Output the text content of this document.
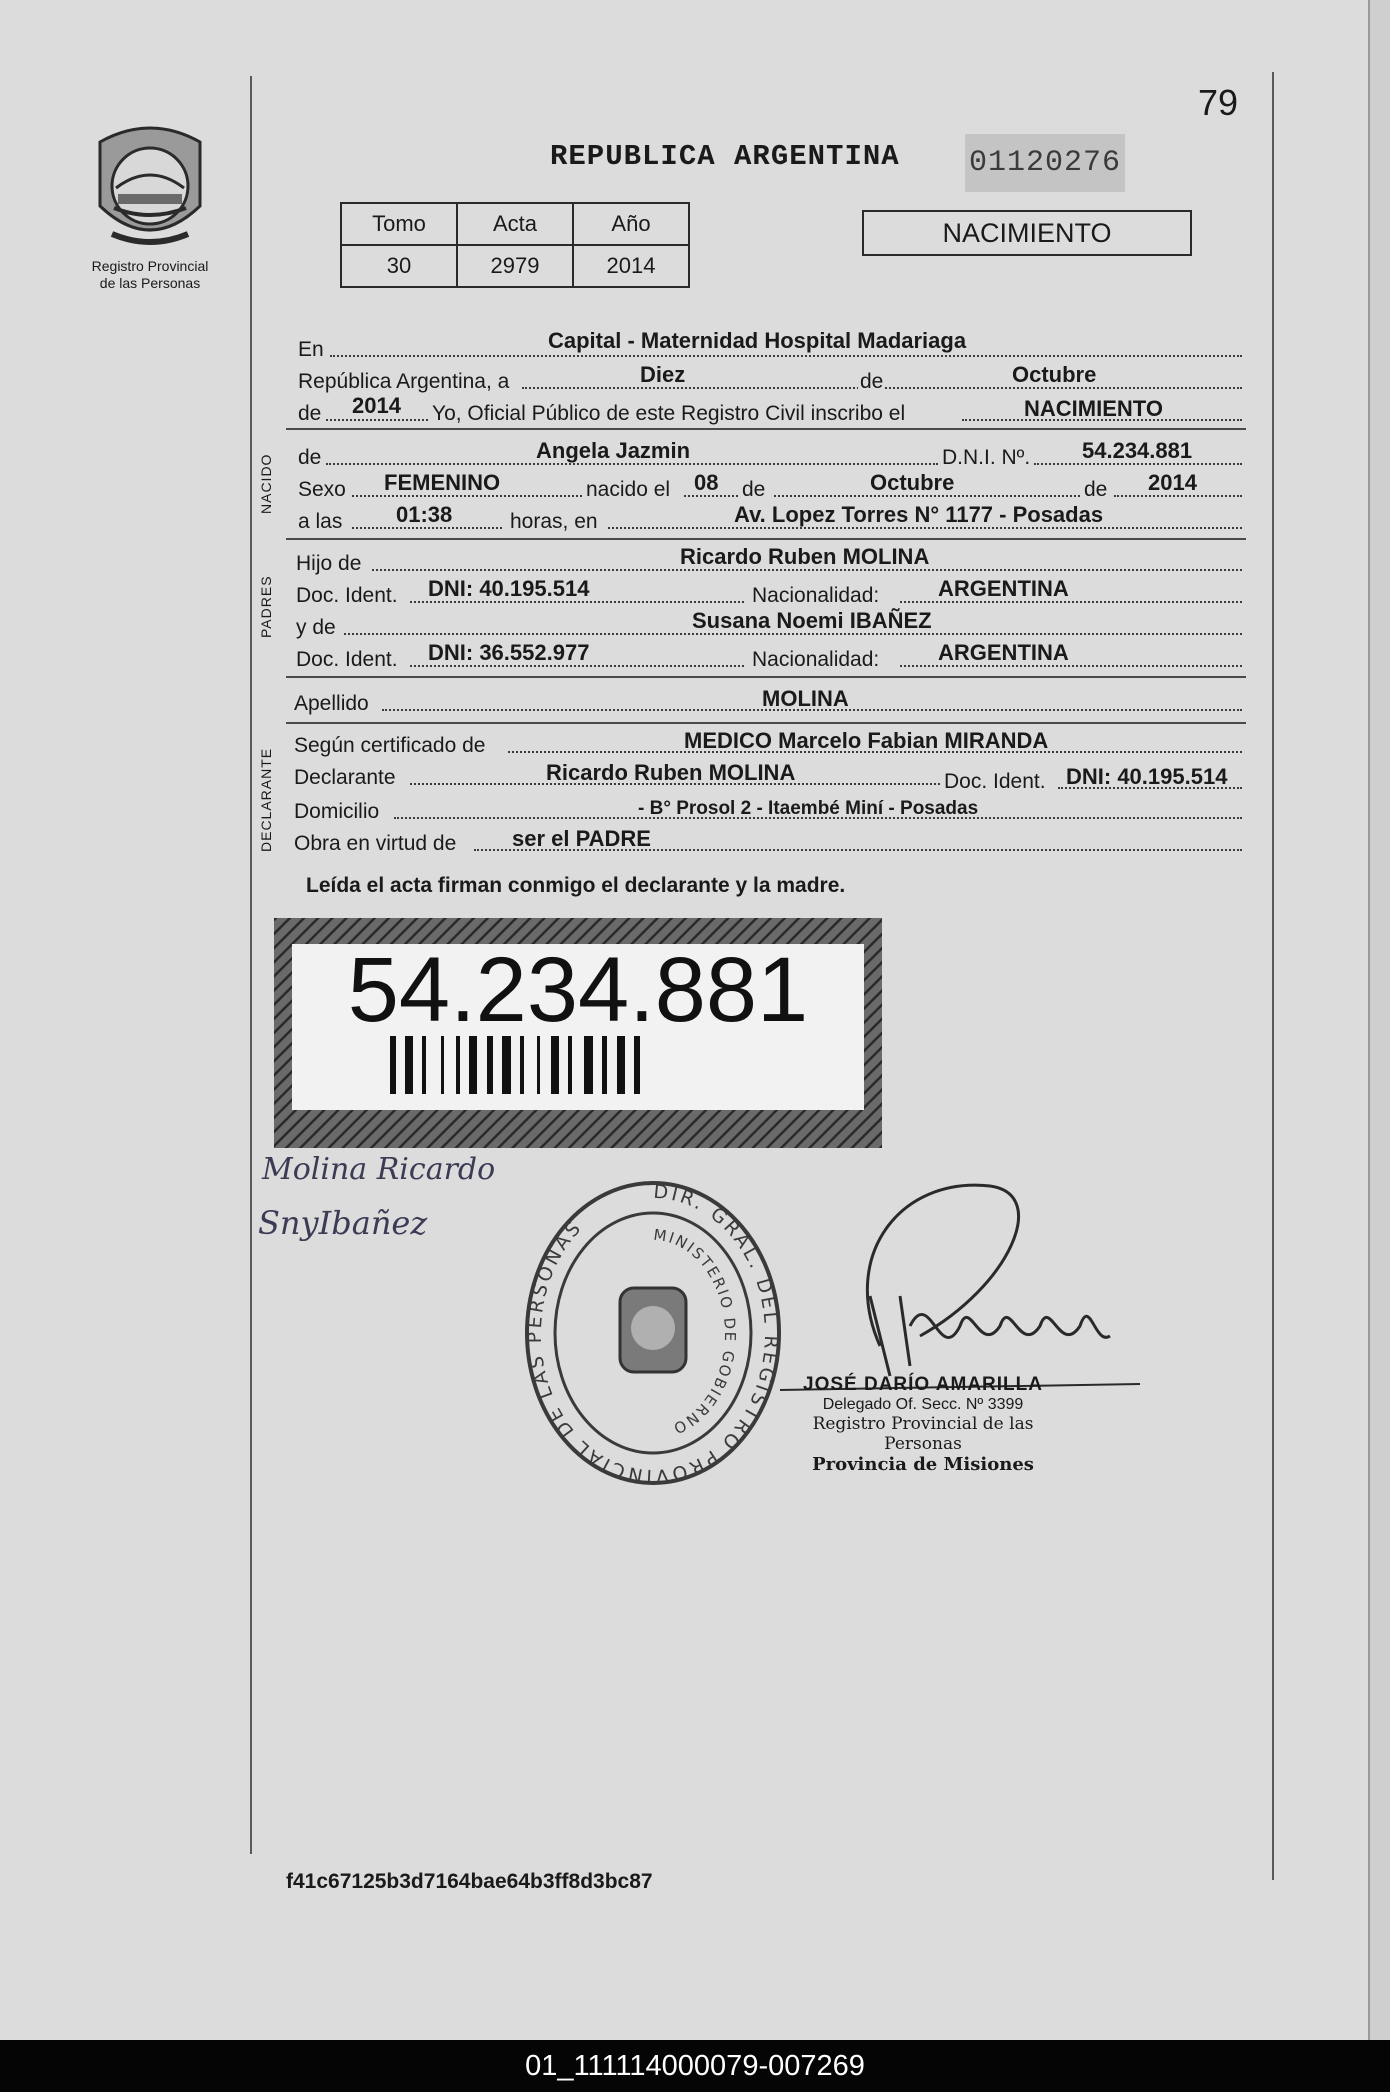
79
Registro Provincial
de las Personas
REPUBLICA ARGENTINA 01120276
Tomo	Acta	Año
30	2979	2014
NACIMIENTO
En	Capital - Maternidad Hospital Madariaga
República Argentina, a	Diez	de	Octubre
de 2014 Yo, Oficial Público de este Registro Civil inscribo el	NACIMIENTO
NACIDO de	Angela Jazmin	D.N.I. Nº. 54.234.881
Sexo FEMENINO	nacido el 08 de	Octubre	de 2014
a las 01:38	horas, en	Av. Lopez Torres N° 1177 - Posadas
PADRES
Hijo de	Ricardo Ruben MOLINA
Doc. Ident. DNI: 40.195.514	Nacionalidad:	ARGENTINA
y de	Susana Noemi IBAÑEZ
Doc. Ident. DNI: 36.552.977	Nacionalidad:	ARGENTINA
Apellido	MOLINA
DECLARANTE
Según certificado de	MEDICO Marcelo Fabian MIRANDA
Declarante	Ricardo Ruben MOLINA	Doc. Ident. DNI: 40.195.514
Domicilio	- B° Prosol 2 - Itaembé Miní - Posadas
Obra en virtud de	ser el PADRE
Leída el acta firman conmigo el declarante y la madre.
54.234.881
Molina Ricardo
SnyIbañez
DIR. GRAL. DEL REGISTRO PROVINCIAL DE LAS PERSONAS	MINISTERIO DE GOBIERNO
JOSÉ DARÍO AMARILLA
Delegado Of. Secc. Nº 3399
Registro Provincial de las Personas
Provincia de Misiones
f41c67125b3d7164bae64b3ff8d3bc87
01_111114000079-007269
